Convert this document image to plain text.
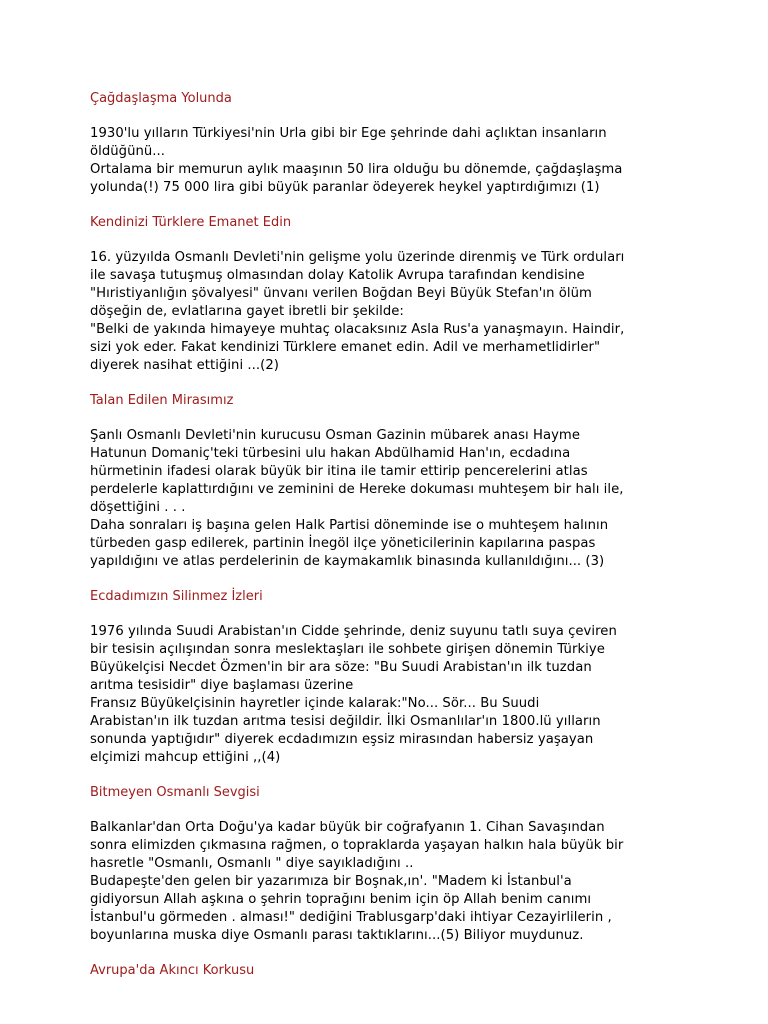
Çağdaşlaşma Yolunda

1930'lu yılların Türkiyesi'nin Urla gibi bir Ege şehrinde dahi açlıktan insanların
öldüğünü...
Ortalama bir memurun aylık maaşının 50 lira olduğu bu dönemde, çağdaşlaşma
yolunda(!) 75 000 lira gibi büyük paranlar ödeyerek heykel yaptırdığımızı (1)

Kendinizi Türklere Emanet Edin

16. yüzyılda Osmanlı Devleti'nin gelişme yolu üzerinde direnmiş ve Türk orduları
ile savaşa tutuşmuş olmasından dolay Katolik Avrupa tarafından kendisine
"Hıristiyanlığın şövalyesi" ünvanı verilen Boğdan Beyi Büyük Stefan'ın ölüm
döşeğin de, evlatlarına gayet ibretli bir şekilde:
"Belki de yakında himayeye muhtaç olacaksınız Asla Rus'a yanaşmayın. Haindir,
sizi yok eder. Fakat kendinizi Türklere emanet edin. Adil ve merhametlidirler"
diyerek nasihat ettiğini ...(2)

Talan Edilen Mirasımız

Şanlı Osmanlı Devleti'nin kurucusu Osman Gazinin mübarek anası Hayme
Hatunun Domaniç'teki türbesini ulu hakan Abdülhamid Han'ın, ecdadına
hürmetinin ifadesi olarak büyük bir itina ile tamir ettirip pencerelerini atlas
perdelerle kaplattırdığını ve zeminini de Hereke dokuması muhteşem bir halı ile,
döşettiğini . . .
Daha sonraları iş başına gelen Halk Partisi döneminde ise o muhteşem halının
türbeden gasp edilerek, partinin İnegöl ilçe yöneticilerinin kapılarına paspas
yapıldığını ve atlas perdelerinin de kaymakamlık binasında kullanıldığını... (3)

Ecdadımızın Silinmez İzleri

1976 yılında Suudi Arabistan'ın Cidde şehrinde, deniz suyunu tatlı suya çeviren
bir tesisin açılışından sonra meslektaşları ile sohbete girişen dönemin Türkiye
Büyükelçisi Necdet Özmen'in bir ara söze: "Bu Suudi Arabistan'ın ilk tuzdan
arıtma tesisidir" diye başlaması üzerine
Fransız Büyükelçisinin hayretler içinde kalarak:"No... Sör... Bu Suudi
Arabistan'ın ilk tuzdan arıtma tesisi değildir. İlki Osmanlılar'ın 1800.lü yılların
sonunda yaptığıdır" diyerek ecdadımızın eşsiz mirasından habersiz yaşayan
elçimizi mahcup ettiğini ,,(4)

Bitmeyen Osmanlı Sevgisi

Balkanlar'dan Orta Doğu'ya kadar büyük bir coğrafyanın 1. Cihan Savaşından
sonra elimizden çıkmasına rağmen, o topraklarda yaşayan halkın hala büyük bir
hasretle "Osmanlı, Osmanlı " diye sayıkladığını ..
Budapeşte'den gelen bir yazarımıza bir Boşnak,ın'. "Madem ki İstanbul'a
gidiyorsun Allah aşkına o şehrin toprağını benim için öp Allah benim canımı
İstanbul'u görmeden . alması!" dediğini Trablusgarp'daki ihtiyar Cezayirlilerin ,
boyunlarına muska diye Osmanlı parası taktıklarını...(5) Biliyor muydunuz.

Avrupa'da Akıncı Korkusu
